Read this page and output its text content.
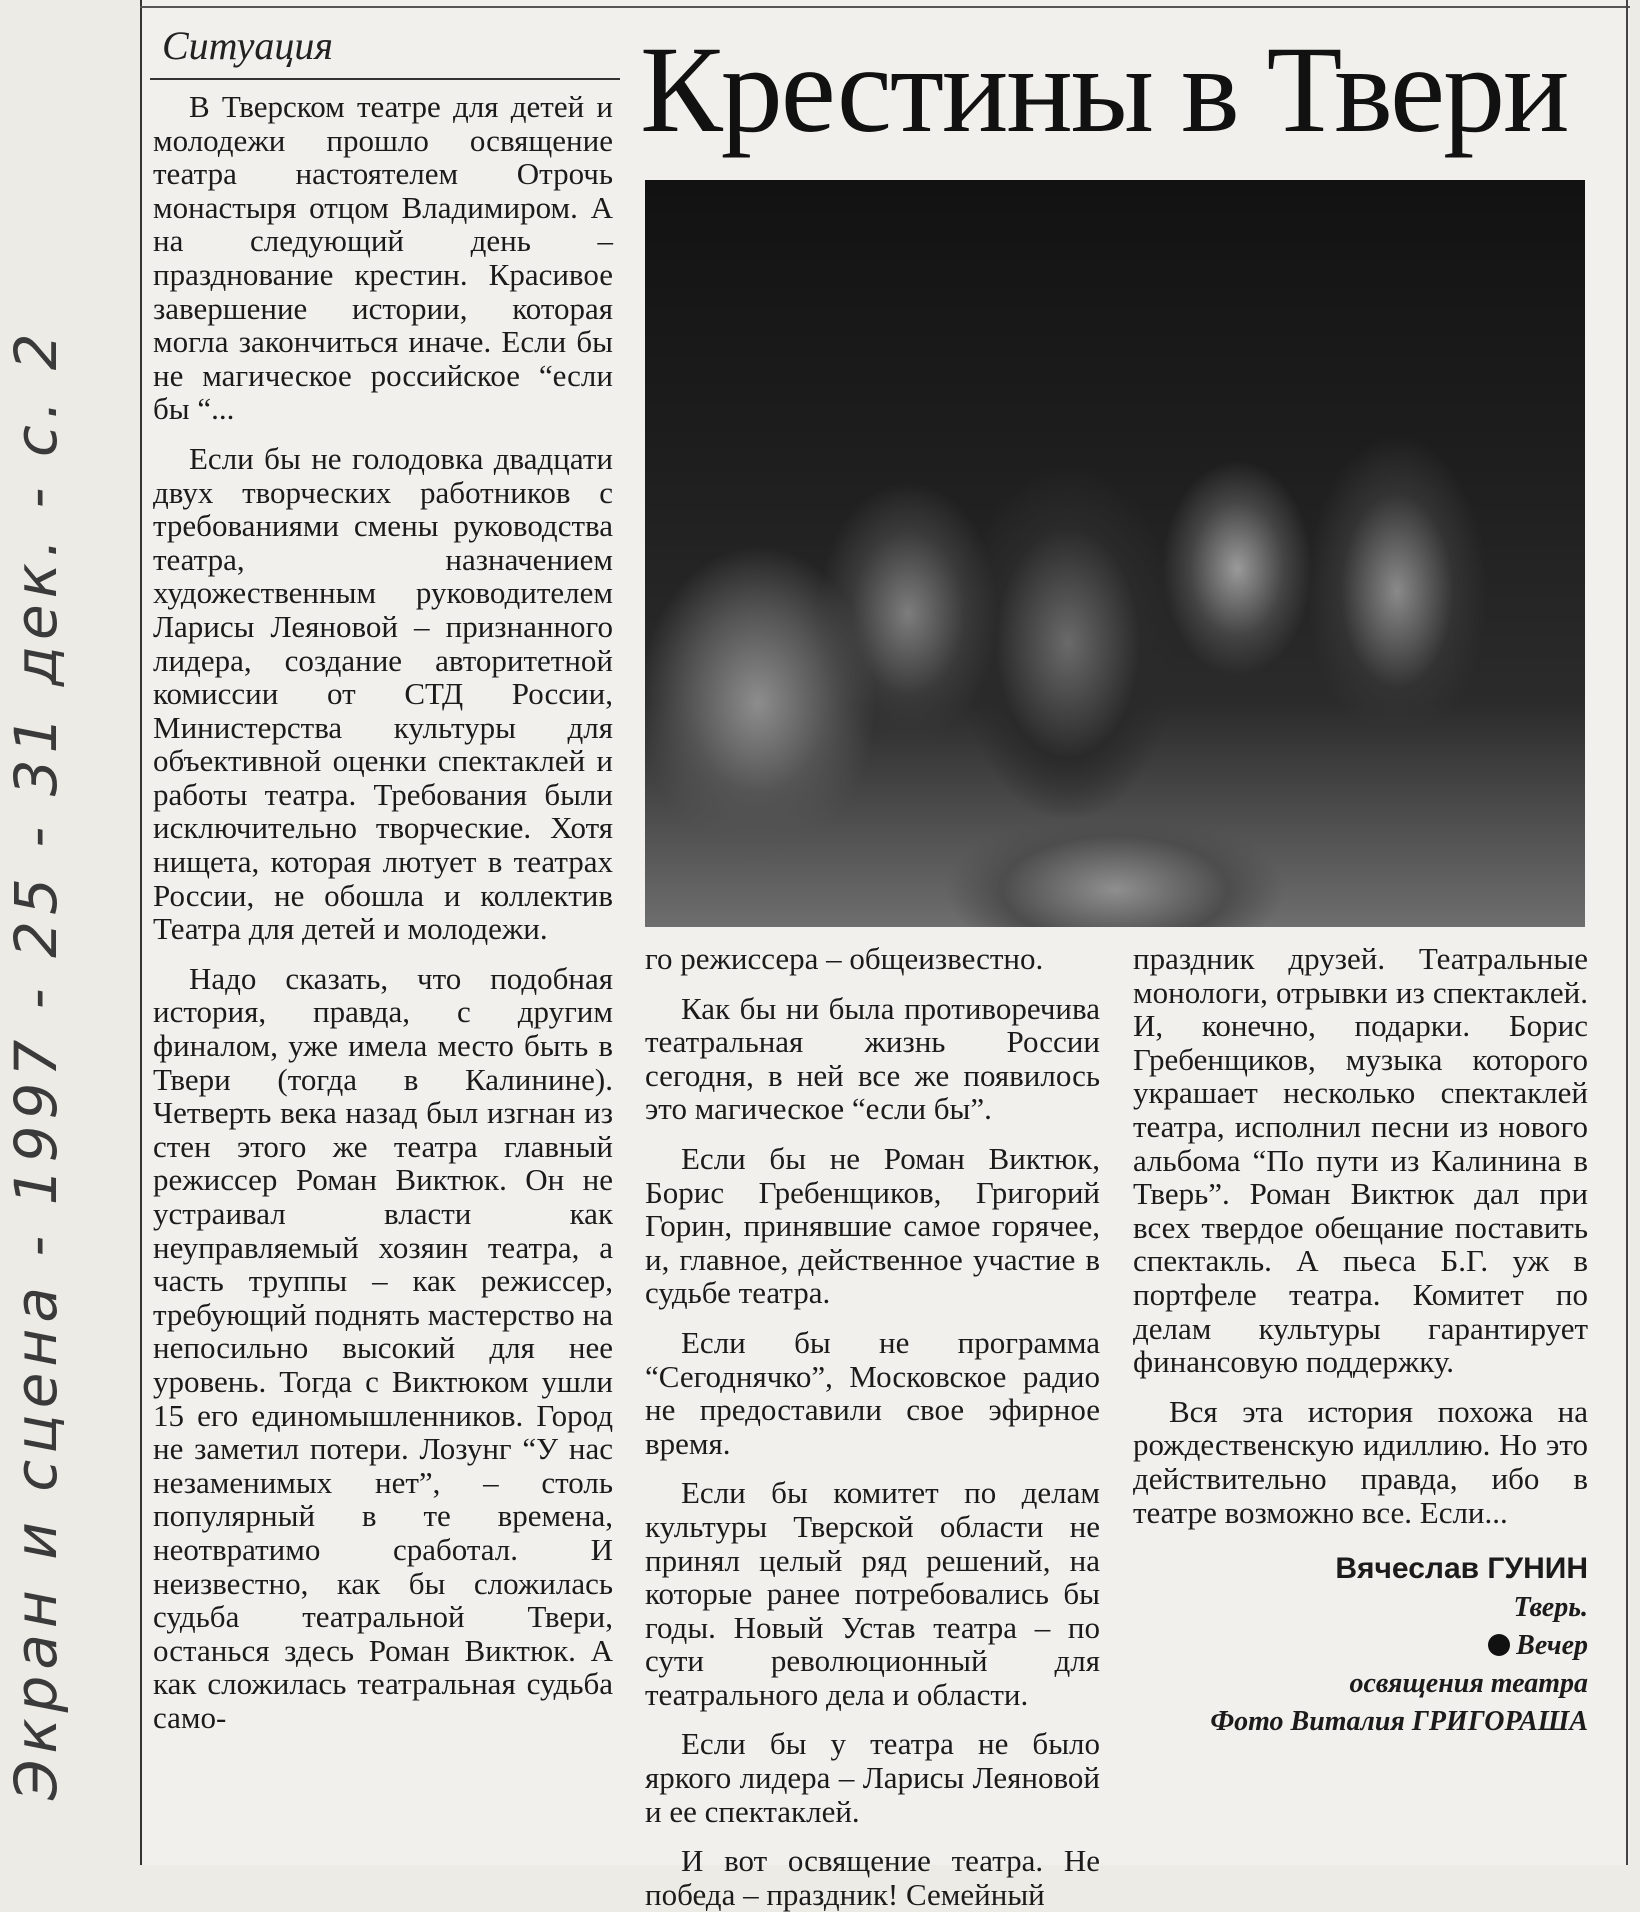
Экран и сцена - 1997 - 25 - 31 дек. - с. 2
Ситуация Крестины в Твери

В Тверском театре для детей и молодежи прошло освящение театра настоятелем Отрочь монастыря отцом Владимиром. А на следующий день – празднование крестин. Красивое завершение истории, которая могла закончиться иначе. Если бы не магическое российское “если бы “...

Если бы не голодовка двадцати двух творческих работников с требованиями смены руководства театра, назначением художественным руководителем Ларисы Леяновой – признанного лидера, создание авторитетной комиссии от СТД России, Министерства культуры для объективной оценки спектаклей и работы театра. Требования были исключительно творческие. Хотя нищета, которая лютует в театрах России, не обошла и коллектив Театра для детей и молодежи.

Надо сказать, что подобная история, правда, с другим финалом, уже имела место быть в Твери (тогда в Калинине). Четверть века назад был изгнан из стен этого же театра главный режиссер Роман Виктюк. Он не устраивал власти как неуправляемый хозяин театра, а часть труппы – как режиссер, требующий поднять мастерство на непосильно высокий для нее уровень. Тогда с Виктюком ушли 15 его единомышленников. Город не заметил потери. Лозунг “У нас незаменимых нет”, – столь популярный в те времена, неотвратимо сработал. И неизвестно, как бы сложилась судьба театральной Твери, останься здесь Роман Виктюк. А как сложилась театральная судьба само-

го режиссера – общеизвестно.

Как бы ни была противоречива театральная жизнь России сегодня, в ней все же появилось это магическое “если бы”.

Если бы не Роман Виктюк, Борис Гребенщиков, Григорий Горин, принявшие самое горячее, и, главное, действенное участие в судьбе театра.

Если бы не программа “Сегоднячко”, Московское радио не предоставили свое эфирное время.

Если бы комитет по делам культуры Тверской области не принял целый ряд решений, на которые ранее потребовались бы годы. Новый Устав театра – по сути революционный для театрального дела и области.

Если бы у театра не было яркого лидера – Ларисы Леяновой и ее спектаклей.

И вот освящение театра. Не победа – праздник! Семейный

праздник друзей. Театральные монологи, отрывки из спектаклей. И, конечно, подарки. Борис Гребенщиков, музыка которого украшает несколько спектаклей театра, исполнил песни из нового альбома “По пути из Калинина в Тверь”. Роман Виктюк дал при всех твердое обещание поставить спектакль. А пьеса Б.Г. уж в портфеле театра. Комитет по делам культуры гарантирует финансовую поддержку.

Вся эта история похожа на рождественскую идиллию. Но это действительно правда, ибо в театре возможно все. Если...

Вячеслав ГУНИН
Тверь.
Вечер
освящения театра
Фото Виталия ГРИГОРАША
